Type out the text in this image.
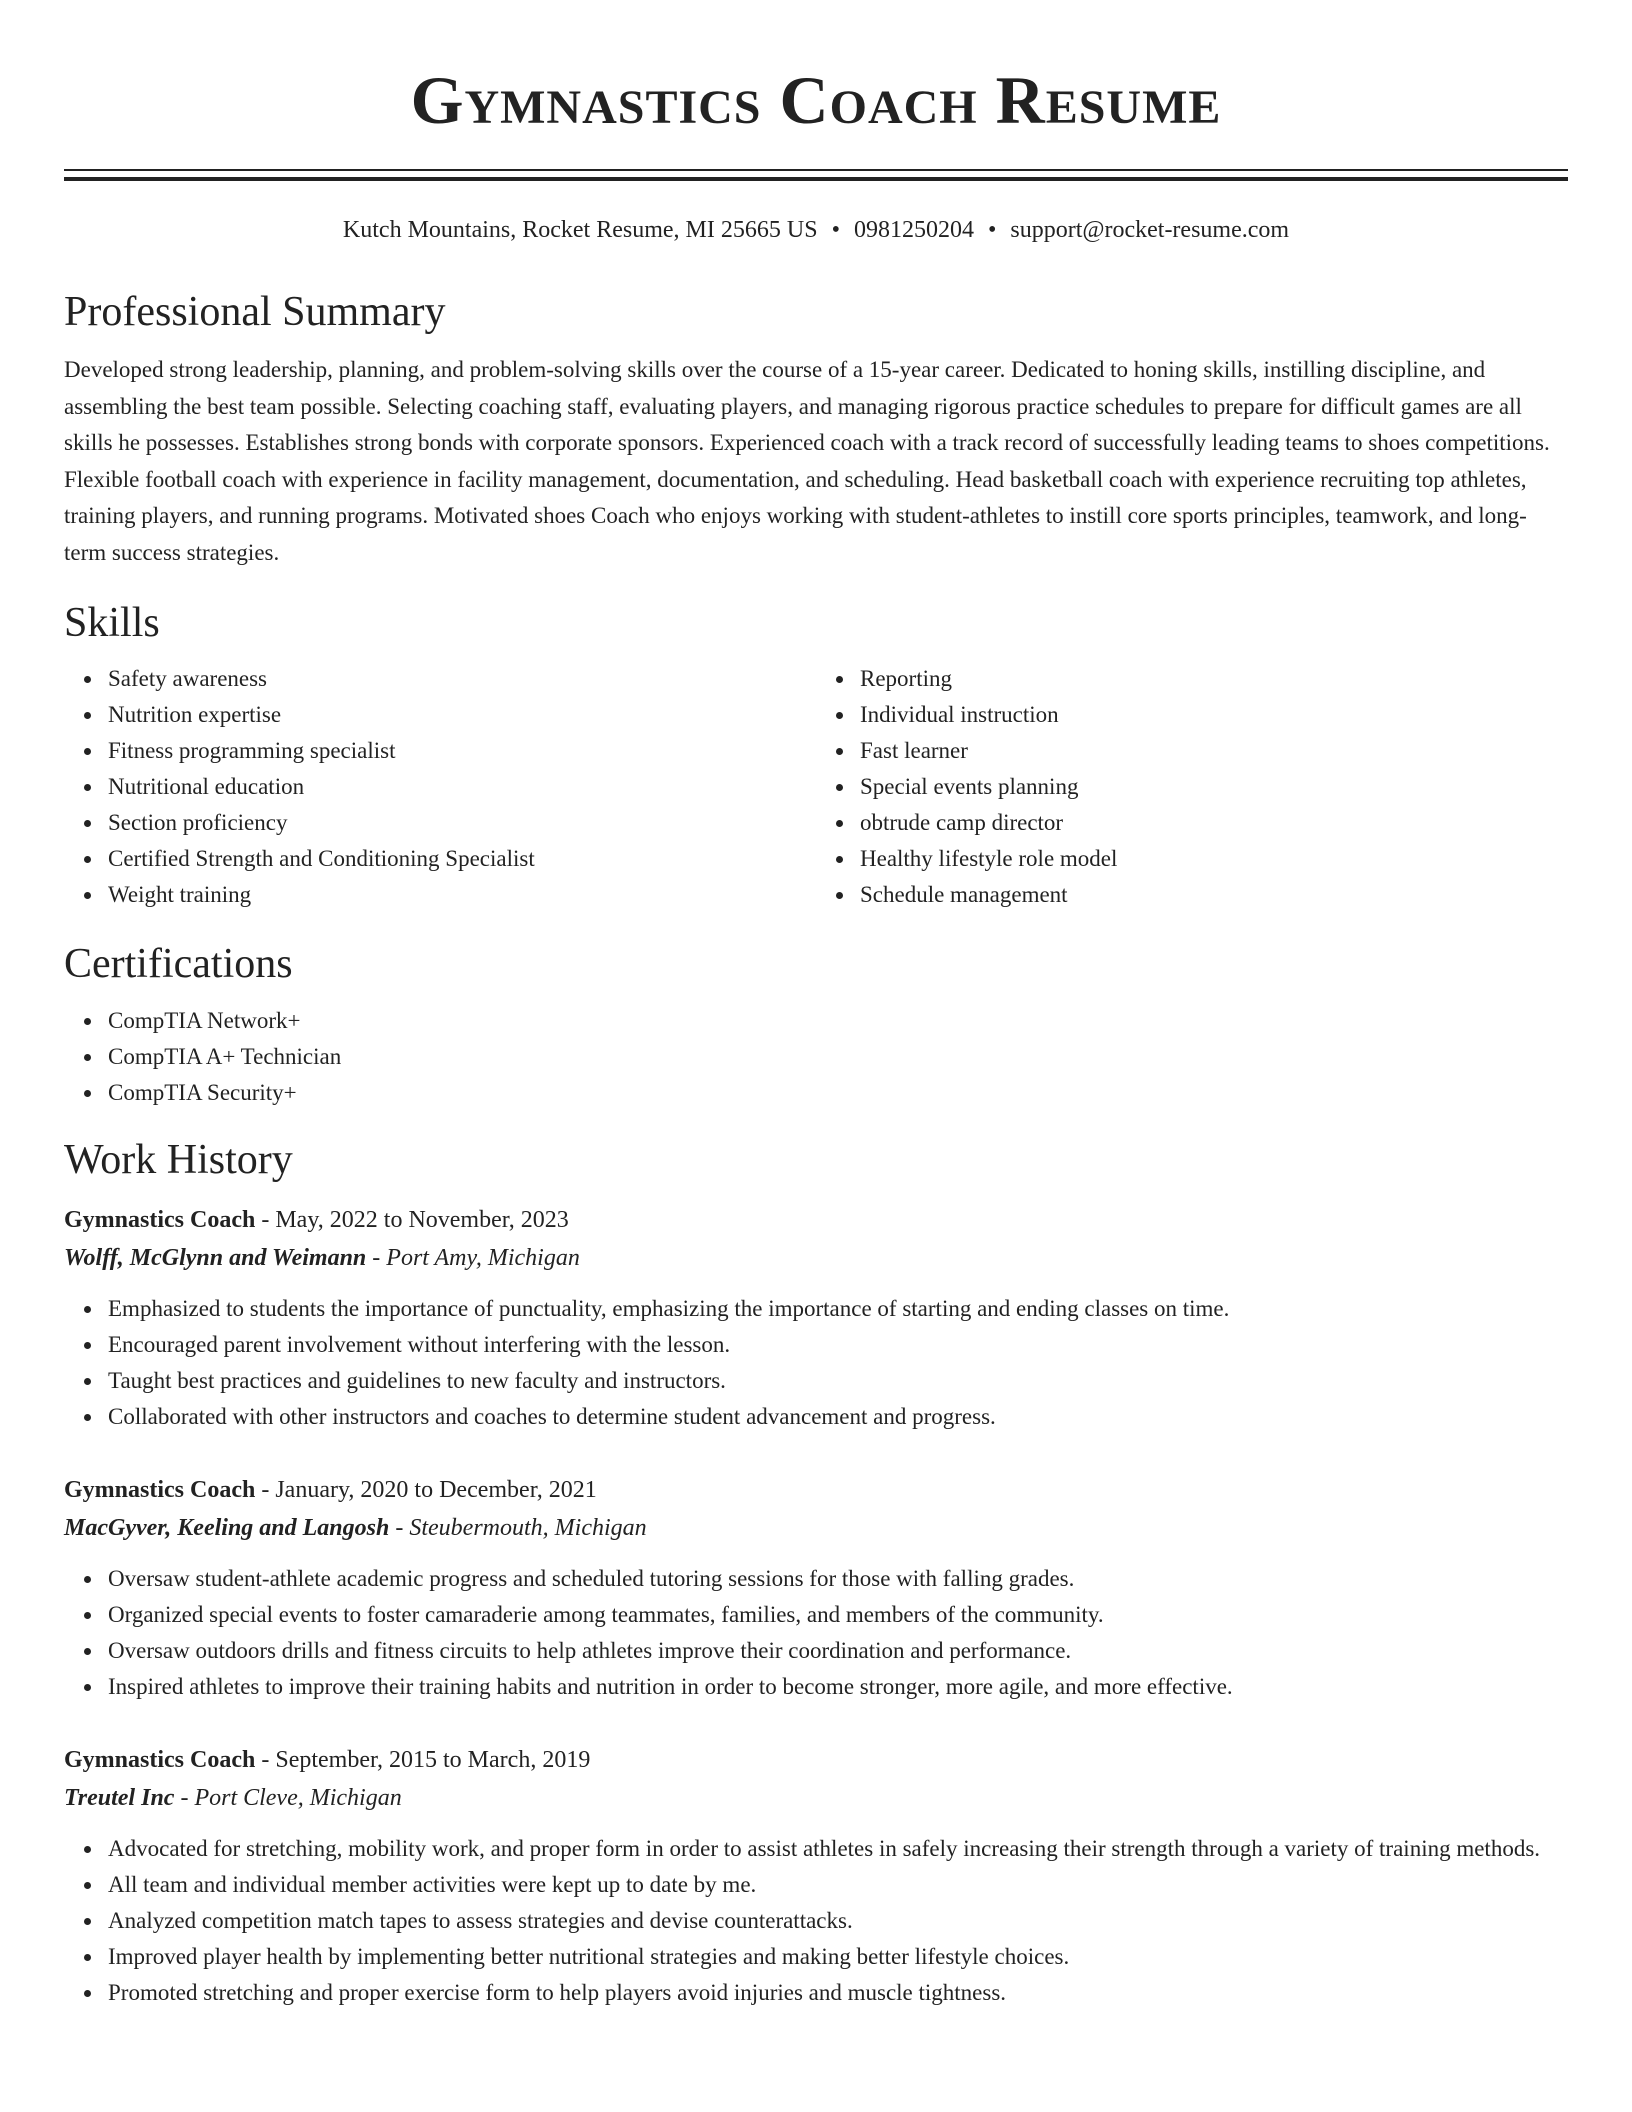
Gymnastics Coach Resume
Kutch Mountains, Rocket Resume, MI 25665 US • 0981250204 • support@rocket-resume.com
Professional Summary

Developed strong leadership, planning, and problem-solving skills over the course of a 15-year career. Dedicated to honing skills, instilling discipline, and assembling the best team possible. Selecting coaching staff, evaluating players, and managing rigorous practice schedules to prepare for difficult games are all skills he possesses. Establishes strong bonds with corporate sponsors. Experienced coach with a track record of successfully leading teams to shoes competitions. Flexible football coach with experience in facility management, documentation, and scheduling. Head basketball coach with experience recruiting top athletes, training players, and running programs. Motivated shoes Coach who enjoys working with student-athletes to instill core sports principles, teamwork, and long-term success strategies.

Skills
Safety awareness
Nutrition expertise
Fitness programming specialist
Nutritional education
Section proficiency
Certified Strength and Conditioning Specialist
Weight training
Reporting
Individual instruction
Fast learner
Special events planning
obtrude camp director
Healthy lifestyle role model
Schedule management
Certifications
CompTIA Network+
CompTIA A+ Technician
CompTIA Security+
Work History
Gymnastics Coach - May, 2022 to November, 2023
Wolff, McGlynn and Weimann - Port Amy, Michigan
Emphasized to students the importance of punctuality, emphasizing the importance of starting and ending classes on time.
Encouraged parent involvement without interfering with the lesson.
Taught best practices and guidelines to new faculty and instructors.
Collaborated with other instructors and coaches to determine student advancement and progress.
Gymnastics Coach - January, 2020 to December, 2021
MacGyver, Keeling and Langosh - Steubermouth, Michigan
Oversaw student-athlete academic progress and scheduled tutoring sessions for those with falling grades.
Organized special events to foster camaraderie among teammates, families, and members of the community.
Oversaw outdoors drills and fitness circuits to help athletes improve their coordination and performance.
Inspired athletes to improve their training habits and nutrition in order to become stronger, more agile, and more effective.
Gymnastics Coach - September, 2015 to March, 2019
Treutel Inc - Port Cleve, Michigan
Advocated for stretching, mobility work, and proper form in order to assist athletes in safely increasing their strength through a variety of training methods.
All team and individual member activities were kept up to date by me.
Analyzed competition match tapes to assess strategies and devise counterattacks.
Improved player health by implementing better nutritional strategies and making better lifestyle choices.
Promoted stretching and proper exercise form to help players avoid injuries and muscle tightness.
